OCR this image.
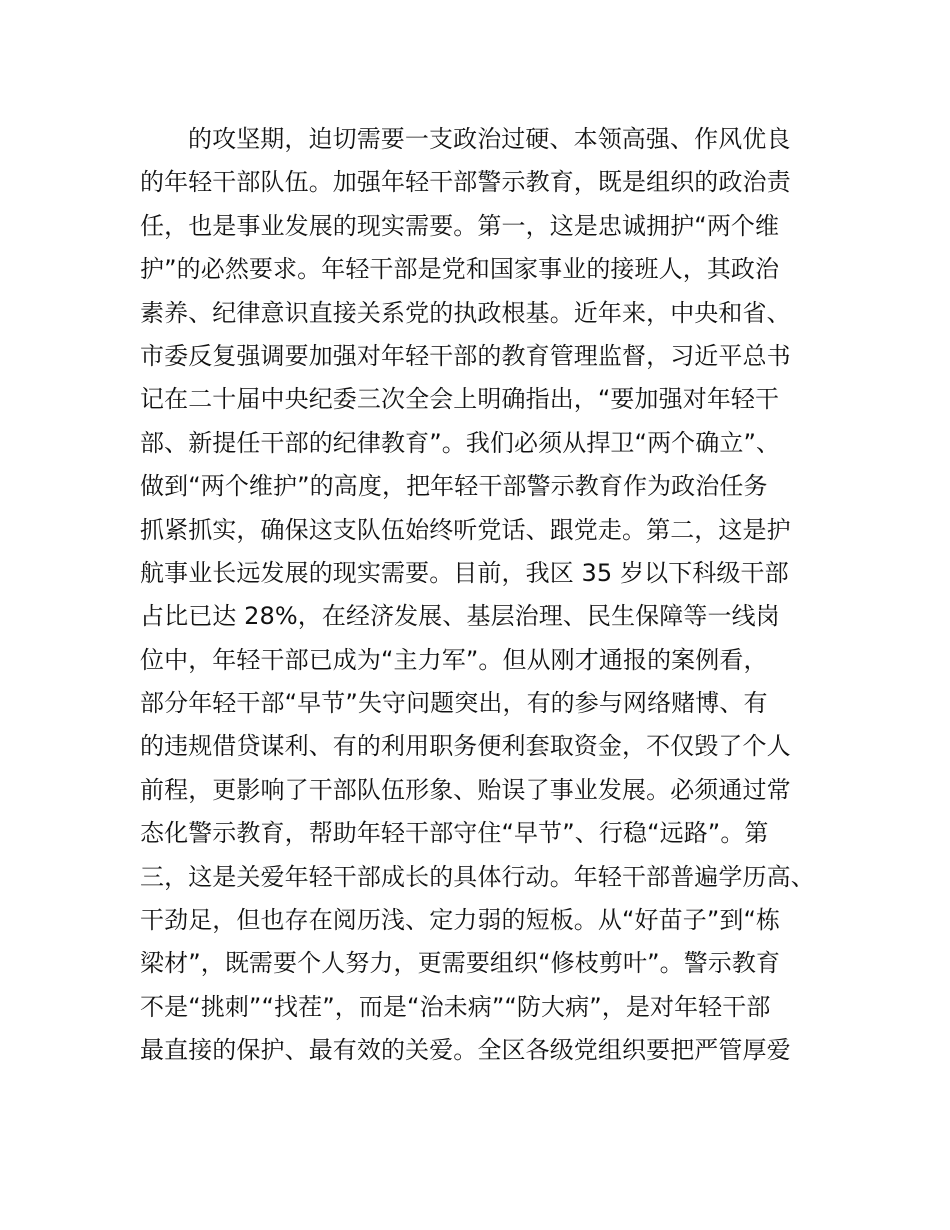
的攻坚期，迫切需要一支政治过硬、本领高强、作风优良
的年轻干部队伍。加强年轻干部警示教育，既是组织的政治责
任，也是事业发展的现实需要。第一，这是忠诚拥护“两个维
护”的必然要求。年轻干部是党和国家事业的接班人，其政治
素养、纪律意识直接关系党的执政根基。近年来，中央和省、
市委反复强调要加强对年轻干部的教育管理监督，习近平总书
记在二十届中央纪委三次全会上明确指出，“要加强对年轻干
部、新提任干部的纪律教育”。我们必须从捍卫“两个确立”、
做到“两个维护”的高度，把年轻干部警示教育作为政治任务
抓紧抓实，确保这支队伍始终听党话、跟党走。第二，这是护
航事业长远发展的现实需要。目前，我区 35 岁以下科级干部
占比已达 28%，在经济发展、基层治理、民生保障等一线岗
位中，年轻干部已成为“主力军”。但从刚才通报的案例看，
部分年轻干部“早节”失守问题突出，有的参与网络赌博、有
的违规借贷谋利、有的利用职务便利套取资金，不仅毁了个人
前程，更影响了干部队伍形象、贻误了事业发展。必须通过常
态化警示教育，帮助年轻干部守住“早节”、行稳“远路”。第
三，这是关爱年轻干部成长的具体行动。年轻干部普遍学历高、
干劲足，但也存在阅历浅、定力弱的短板。从“好苗子”到“栋
梁材”，既需要个人努力，更需要组织“修枝剪叶”。警示教育
不是“挑刺”“找茬”，而是“治未病”“防大病”，是对年轻干部
最直接的保护、最有效的关爱。全区各级党组织要把严管厚爱
